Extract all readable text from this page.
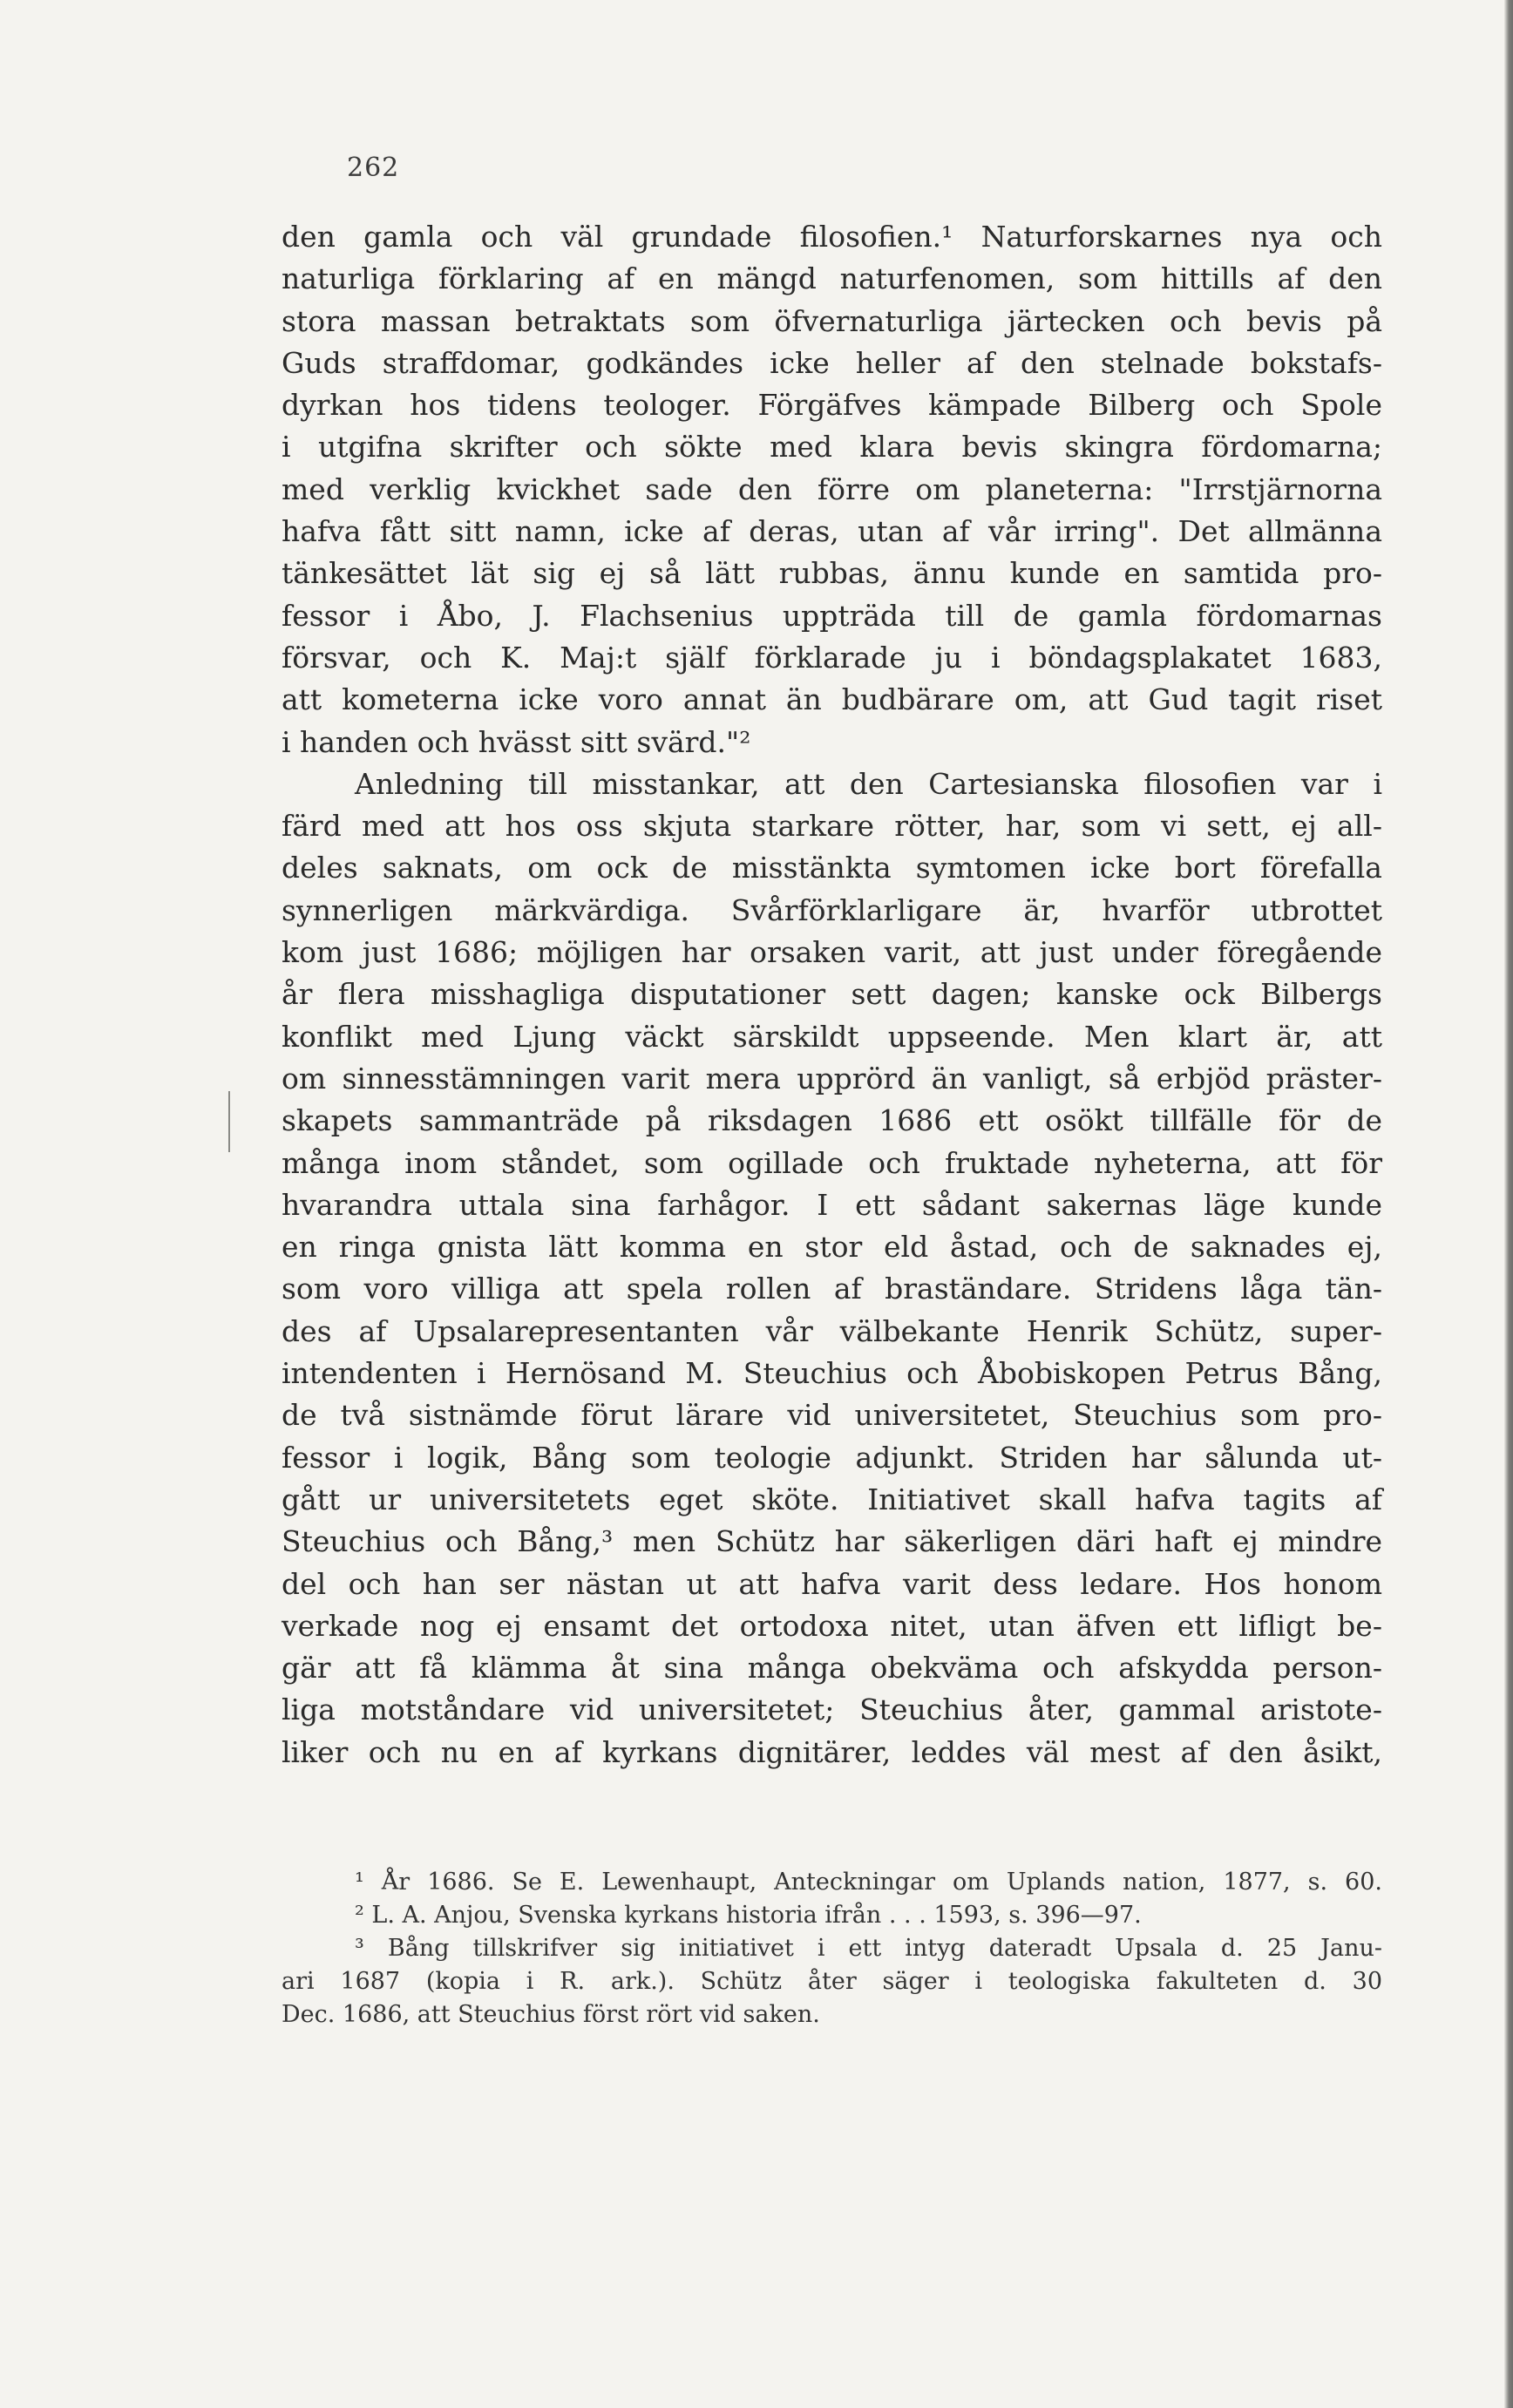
262
den gamla och väl grundade filosofien.¹ Naturforskarnes nya och
naturliga förklaring af en mängd naturfenomen, som hittills af den
stora massan betraktats som öfvernaturliga järtecken och bevis på
Guds straffdomar, godkändes icke heller af den stelnade bokstafs-
dyrkan hos tidens teologer. Förgäfves kämpade Bilberg och Spole
i utgifna skrifter och sökte med klara bevis skingra fördomarna;
med verklig kvickhet sade den förre om planeterna: "Irrstjärnorna
hafva fått sitt namn, icke af deras, utan af vår irring". Det allmänna
tänkesättet lät sig ej så lätt rubbas, ännu kunde en samtida pro-
fessor i Åbo, J. Flachsenius uppträda till de gamla fördomarnas
försvar, och K. Maj:t själf förklarade ju i böndagsplakatet 1683,
att kometerna icke voro annat än budbärare om, att Gud tagit riset
i handen och hvässt sitt svärd."²
Anledning till misstankar, att den Cartesianska filosofien var i
färd med att hos oss skjuta starkare rötter, har, som vi sett, ej all-
deles saknats, om ock de misstänkta symtomen icke bort förefalla
synnerligen märkvärdiga. Svårförklarligare är, hvarför utbrottet
kom just 1686; möjligen har orsaken varit, att just under föregående
år flera misshagliga disputationer sett dagen; kanske ock Bilbergs
konflikt med Ljung väckt särskildt uppseende. Men klart är, att
om sinnesstämningen varit mera upprörd än vanligt, så erbjöd präster-
skapets sammanträde på riksdagen 1686 ett osökt tillfälle för de
många inom ståndet, som ogillade och fruktade nyheterna, att för
hvarandra uttala sina farhågor. I ett sådant sakernas läge kunde
en ringa gnista lätt komma en stor eld åstad, och de saknades ej,
som voro villiga att spela rollen af braständare. Stridens låga tän-
des af Upsalarepresentanten vår välbekante Henrik Schütz, super-
intendenten i Hernösand M. Steuchius och Åbobiskopen Petrus Bång,
de två sistnämde förut lärare vid universitetet, Steuchius som pro-
fessor i logik, Bång som teologie adjunkt. Striden har sålunda ut-
gått ur universitetets eget sköte. Initiativet skall hafva tagits af
Steuchius och Bång,³ men Schütz har säkerligen däri haft ej mindre
del och han ser nästan ut att hafva varit dess ledare. Hos honom
verkade nog ej ensamt det ortodoxa nitet, utan äfven ett lifligt be-
gär att få klämma åt sina många obekväma och afskydda person-
liga motståndare vid universitetet; Steuchius åter, gammal aristote-
liker och nu en af kyrkans dignitärer, leddes väl mest af den åsikt,
¹ År 1686. Se E. Lewenhaupt, Anteckningar om Uplands nation, 1877, s. 60.
² L. A. Anjou, Svenska kyrkans historia ifrån . . . 1593, s. 396—97.
³ Bång tillskrifver sig initiativet i ett intyg dateradt Upsala d. 25 Janu-
ari 1687 (kopia i R. ark.). Schütz åter säger i teologiska fakulteten d. 30
Dec. 1686, att Steuchius först rört vid saken.
